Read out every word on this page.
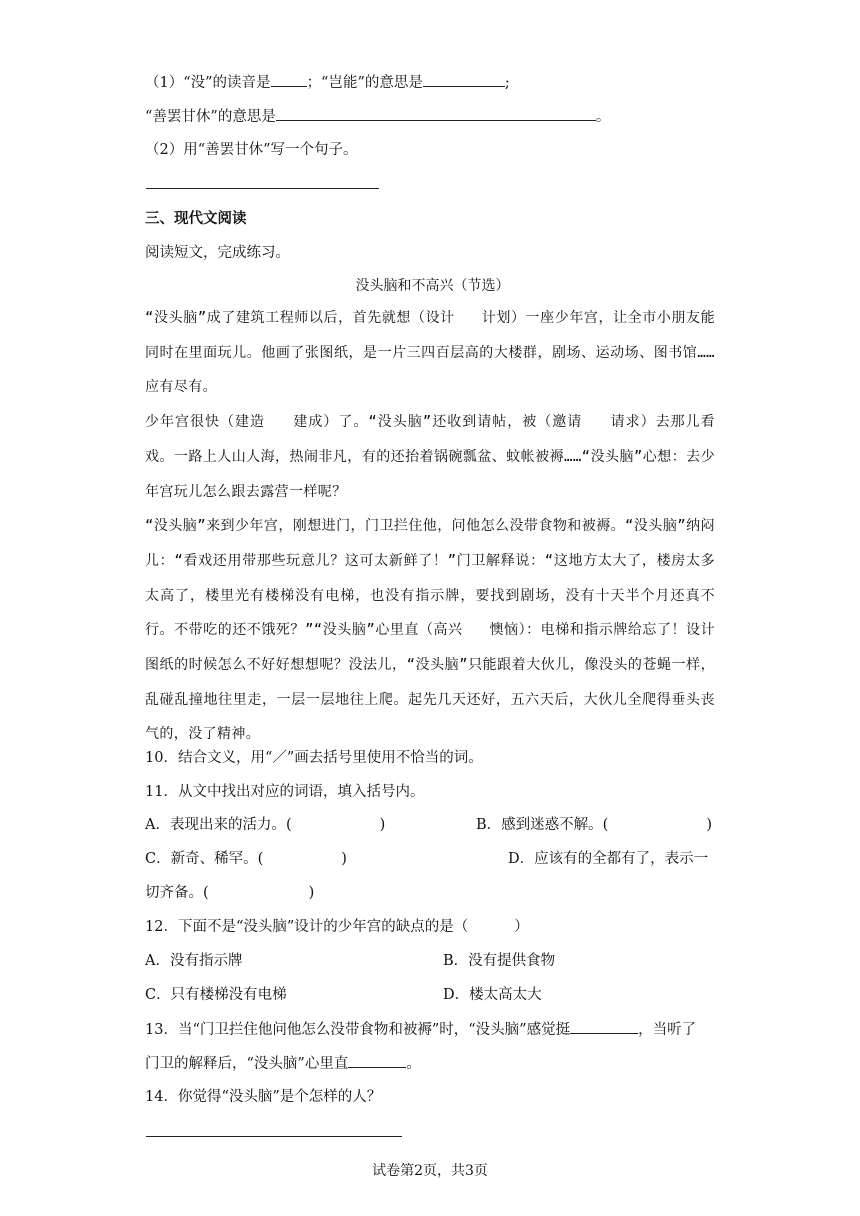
（1）“没”的读音是 ；“岂能”的意思是	;
“善罢甘休”的意思是	。
（2）用“善罢甘休”写一个句子。
三、现代文阅读
阅读短文，完成练习。
没头脑和不高兴（节选）

“没头脑”成了建筑工程师以后，首先就想（设计   计划）一座少年宫，让全市小朋友能同时在里面玩儿。他画了张图纸，是一片三四百层高的大楼群，剧场、运动场、图书馆……应有尽有。

少年宫很快（建造   建成）了。“没头脑”还收到请帖，被（邀请   请求）去那儿看戏。一路上人山人海，热闹非凡，有的还抬着锅碗瓢盆、蚊帐被褥……“没头脑”心想：去少年宫玩儿怎么跟去露营一样呢？

“没头脑”来到少年宫，刚想进门，门卫拦住他，问他怎么没带食物和被褥。“没头脑”纳闷儿：“看戏还用带那些玩意儿？这可太新鲜了！”门卫解释说：“这地方太大了，楼房太多太高了，楼里光有楼梯没有电梯，也没有指示牌，要找到剧场，没有十天半个月还真不行。不带吃的还不饿死？”“没头脑”心里直（高兴   懊恼）：电梯和指示牌给忘了！设计图纸的时候怎么不好好想想呢？没法儿，“没头脑”只能跟着大伙儿，像没头的苍蝇一样，乱碰乱撞地往里走，一层一层地往上爬。起先几天还好，五六天后，大伙儿全爬得垂头丧气的，没了精神。

10．结合文义，用“／”画去括号里使用不恰当的词。
11．从文中找出对应的词语，填入括号内。
A．表现出来的活力。(	)	B．感到迷惑不解。(	)
C．新奇、稀罕。(	)	D．应该有的全都有了，表示一
切齐备。(	)
12．下面不是“没头脑”设计的少年宫的缺点的是（	）
A．没有指示牌	B．没有提供食物
C．只有楼梯没有电梯	D．楼太高太大
13．当“门卫拦住他问他怎么没带食物和被褥”时，“没头脑”感觉挺	，当听了
门卫的解释后，“没头脑”心里直	。
14．你觉得“没头脑”是个怎样的人？
试卷第2页，共3页
